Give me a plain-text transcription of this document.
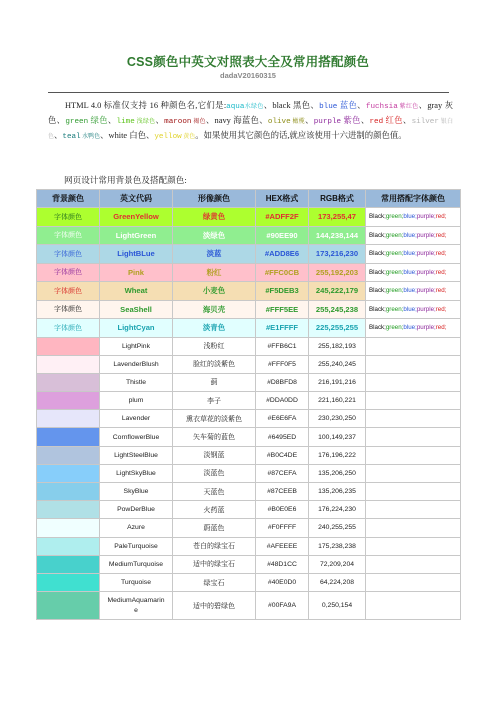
CSS颜色中英文对照表大全及常用搭配颜色
dadaV20160315
HTML 4.0 标准仅支持 16 种颜色名,它们是:aqua水绿色、black 黑色、blue 蓝色、fuchsia 紫红色、gray 灰色、green 绿色、lime 浅绿色、maroon 褐色、navy 海蓝色、olive 橄榄、purple 紫色、red 红色、silver 银白色、teal 水鸭色、white 白色、yellow 黄色。如果使用其它颜色的话,就应该使用十六进制的颜色值。
网页设计常用背景色及搭配颜色:
背景颜色	英文代码	形像颜色	HEX格式	RGB格式	常用搭配字体颜色
字体颜色	GreenYellow	绿黄色	#ADFF2F	173,255,47	Black;green;blue;purple;red;
字体颜色	LightGreen	淡绿色	#90EE90	144,238,144	Black;green;blue;purple;red;
字体颜色	LightBLue	淡蓝	#ADD8E6	173,216,230	Black;green;blue;purple;red;
字体颜色	Pink	粉红	#FFC0CB	255,192,203	Black;green;blue;purple;red;
字体颜色	Wheat	小麦色	#F5DEB3	245,222,179	Black;green;blue;purple;red;
字体颜色	SeaShell	海贝壳	#FFF5EE	255,245,238	Black;green;blue;purple;red;
字体颜色	LightCyan	淡青色	#E1FFFF	225,255,255	Black;green;blue;purple;red;
	LightPink	浅粉红	#FFB6C1	255,182,193	
	LavenderBlush	脸红的淡紫色	#FFF0F5	255,240,245	
	Thistle	蓟	#D8BFD8	216,191,216	
	plum	李子	#DDA0DD	221,160,221	
	Lavender	熏衣草花的淡紫色	#E6E6FA	230,230,250	
	CornflowerBlue	矢车菊的蓝色	#6495ED	100,149,237	
	LightSteelBlue	淡钢蓝	#B0C4DE	176,196,222	
	LightSkyBlue	淡蓝色	#87CEFA	135,206,250	
	SkyBlue	天蓝色	#87CEEB	135,206,235	
	PowDerBlue	火药蓝	#B0E0E6	176,224,230	
	Azure	蔚蓝色	#F0FFFF	240,255,255	
	PaleTurquoise	苍白的绿宝石	#AFEEEE	175,238,238	
	MediumTurquoise	适中的绿宝石	#48D1CC	72,209,204	
	Turquoise	绿宝石	#40E0D0	64,224,208	
	MediumAquamarine	适中的碧绿色	#00FA9A	0,250,154	
